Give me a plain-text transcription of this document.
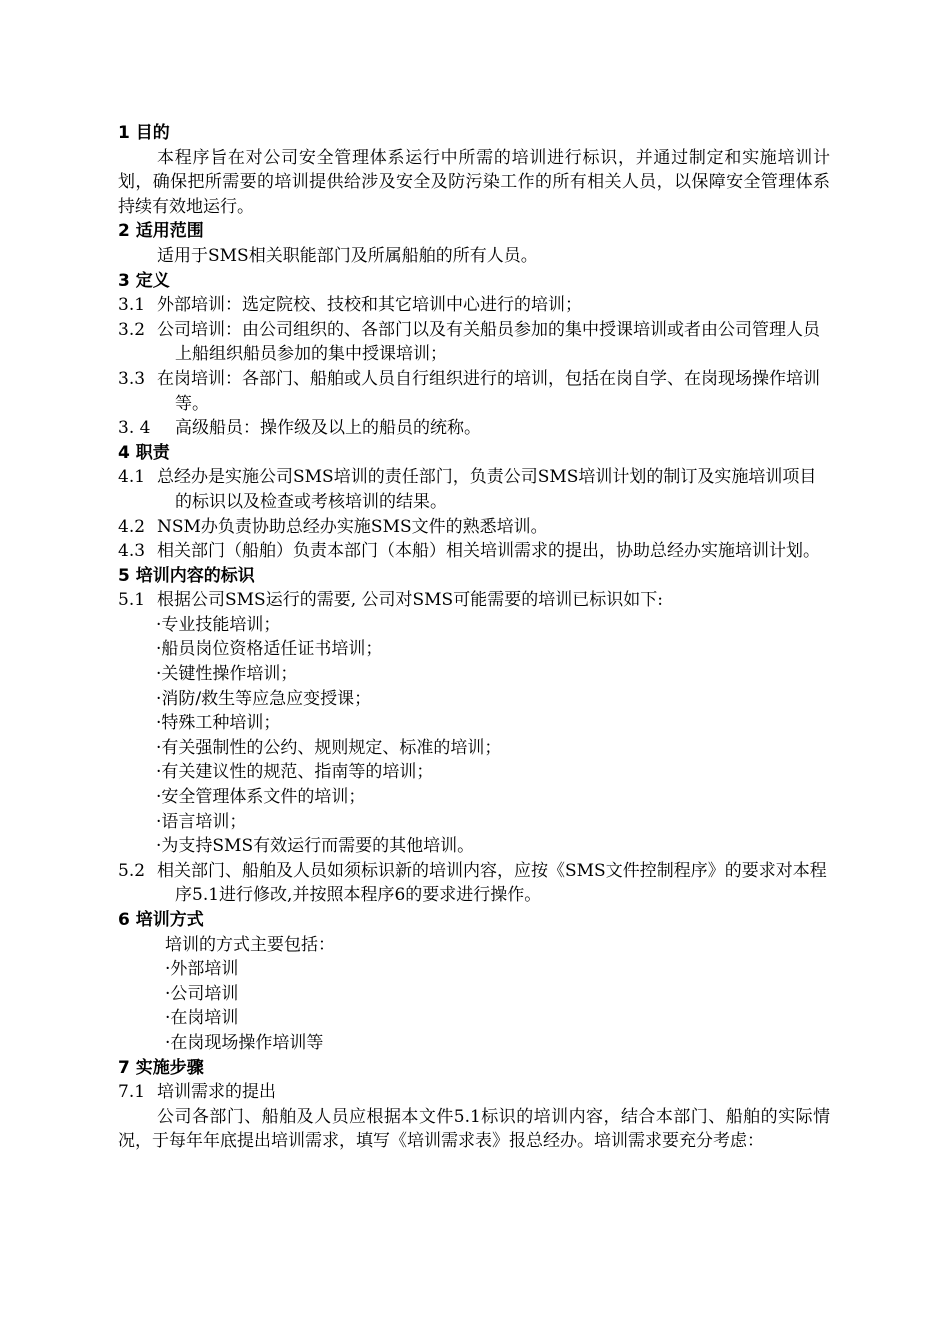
1 目的
本程序旨在对公司安全管理体系运行中所需的培训进行标识，并通过制定和实施培训计划，确保把所需要的培训提供给涉及安全及防污染工作的所有相关人员，以保障安全管理体系持续有效地运行。
2 适用范围
适用于SMS相关职能部门及所属船舶的所有人员。
3 定义
3.1 外部培训：选定院校、技校和其它培训中心进行的培训；
3.2 公司培训：由公司组织的、各部门以及有关船员参加的集中授课培训或者由公司管理人员上船组织船员参加的集中授课培训；
3.3 在岗培训：各部门、船舶或人员自行组织进行的培训，包括在岗自学、在岗现场操作培训等。
3. 4 高级船员：操作级及以上的船员的统称。
4 职责
4.1 总经办是实施公司SMS培训的责任部门，负责公司SMS培训计划的制订及实施培训项目的标识以及检查或考核培训的结果。
4.2 NSM办负责协助总经办实施SMS文件的熟悉培训。
4.3 相关部门（船舶）负责本部门（本船）相关培训需求的提出，协助总经办实施培训计划。
5 培训内容的标识
5.1 根据公司SMS运行的需要, 公司对SMS可能需要的培训已标识如下:
·专业技能培训；
·船员岗位资格适任证书培训；
·关键性操作培训；
·消防/救生等应急应变授课；
·特殊工种培训；
·有关强制性的公约、规则规定、标准的培训；
·有关建议性的规范、指南等的培训；
·安全管理体系文件的培训；
·语言培训；
·为支持SMS有效运行而需要的其他培训。
5.2 相关部门、船舶及人员如须标识新的培训内容，应按《SMS文件控制程序》的要求对本程序5.1进行修改,并按照本程序6的要求进行操作。
6 培训方式
培训的方式主要包括：
·外部培训
·公司培训
·在岗培训
·在岗现场操作培训等
7 实施步骤
7.1 培训需求的提出
公司各部门、船舶及人员应根据本文件5.1标识的培训内容，结合本部门、船舶的实际情况，于每年年底提出培训需求，填写《培训需求表》报总经办。培训需求要充分考虑：
